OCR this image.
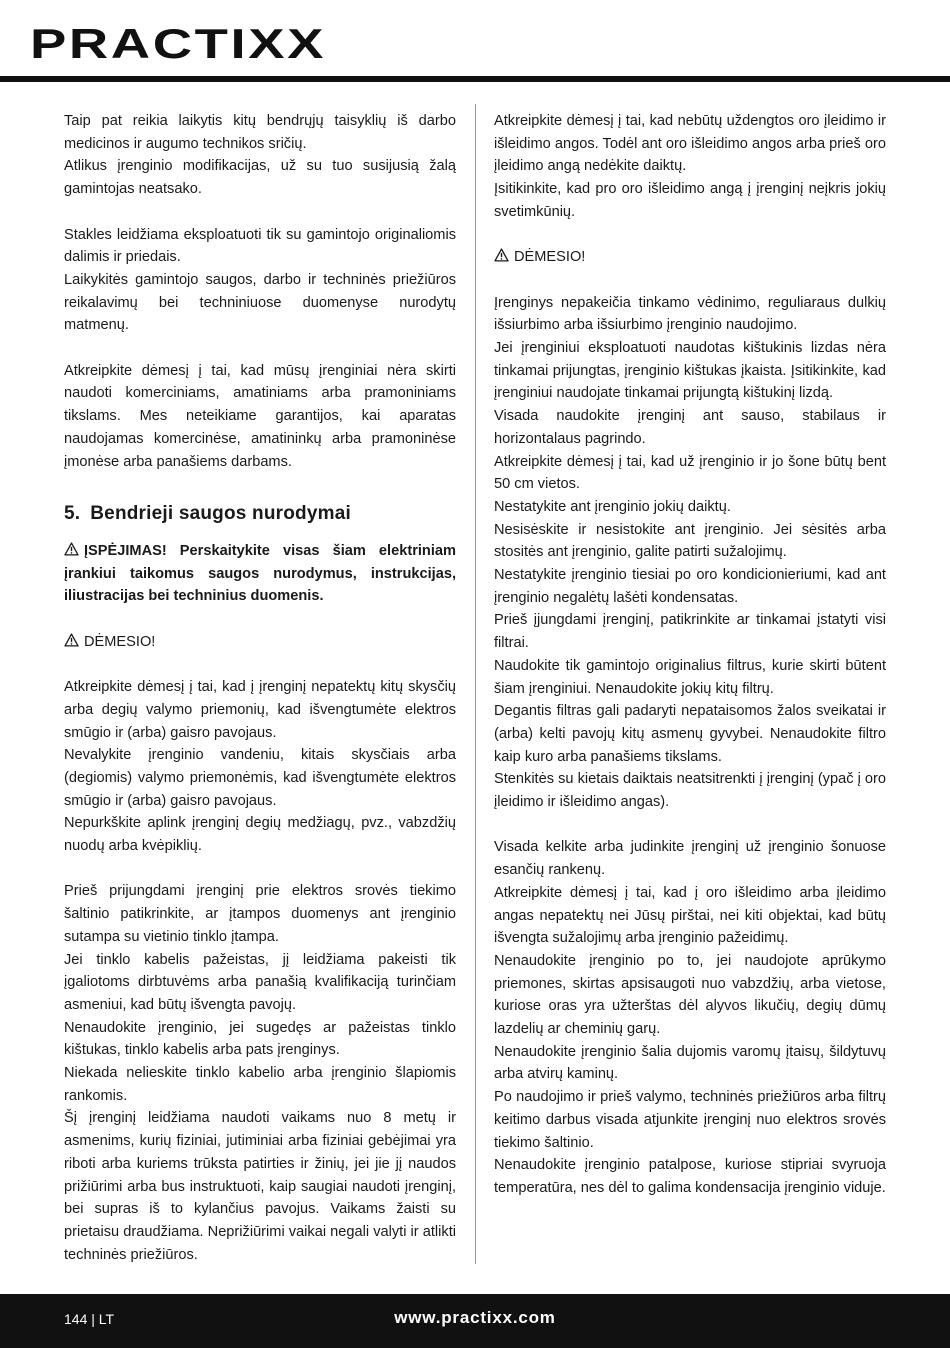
PRACTIXX

Taip pat reikia laikytis kitų bendrųjų taisyklių iš darbo medicinos ir augumo technikos sričių.

Atlikus įrenginio modifikacijas, už su tuo susijusią žalą gamintojas neatsako.

Stakles leidžiama eksploatuoti tik su gamintojo originaliomis dalimis ir priedais.

Laikykitės gamintojo saugos, darbo ir techninės priežiūros reikalavimų bei techniniuose duomenyse nurodytų matmenų.

Atkreipkite dėmesį į tai, kad mūsų įrenginiai nėra skirti naudoti komerciniams, amatiniams arba pramoniniams tikslams. Mes neteikiame garantijos, kai aparatas naudojamas komercinėse, amatininkų arba pramoninėse įmonėse arba panašiems darbams.

5. Bendrieji saugos nurodymai

ĮSPĖJIMAS! Perskaitykite visas šiam elektriniam įrankiui taikomus saugos nurodymus, instrukcijas, iliustracijas bei techninius duomenis.

DĖMESIO!

Atkreipkite dėmesį į tai, kad į įrenginį nepatektų kitų skysčių arba degių valymo priemonių, kad išvengtumėte elektros smūgio ir (arba) gaisro pavojaus.

Nevalykite įrenginio vandeniu, kitais skysčiais arba (degiomis) valymo priemonėmis, kad išvengtumėte elektros smūgio ir (arba) gaisro pavojaus.

Nepurkškite aplink įrenginį degių medžiagų, pvz., vabzdžių nuodų arba kvėpiklių.

Prieš prijungdami įrenginį prie elektros srovės tiekimo šaltinio patikrinkite, ar įtampos duomenys ant įrenginio sutampa su vietinio tinklo įtampa.

Jei tinklo kabelis pažeistas, jį leidžiama pakeisti tik įgaliotoms dirbtuvėms arba panašią kvalifikaciją turinčiam asmeniui, kad būtų išvengta pavojų.

Nenaudokite įrenginio, jei sugedęs ar pažeistas tinklo kištukas, tinklo kabelis arba pats įrenginys.

Niekada nelieskite tinklo kabelio arba įrenginio šlapiomis rankomis.

Šį įrenginį leidžiama naudoti vaikams nuo 8 metų ir asmenims, kurių fiziniai, jutiminiai arba fiziniai gebėjimai yra riboti arba kuriems trūksta patirties ir žinių, jei jie jį naudos prižiūrimi arba bus instruktuoti, kaip saugiai naudoti įrenginį, bei supras iš to kylančius pavojus. Vaikams žaisti su prietaisu draudžiama. Neprižiūrimi vaikai negali valyti ir atlikti techninės priežiūros.

Atkreipkite dėmesį į tai, kad nebūtų uždengtos oro įleidimo ir išleidimo angos. Todėl ant oro išleidimo angos arba prieš oro įleidimo angą nedėkite daiktų.

Įsitikinkite, kad pro oro išleidimo angą į įrenginį neįkris jokių svetimkūnių.

DĖMESIO!

Įrenginys nepakeičia tinkamo vėdinimo, reguliaraus dulkių išsiurbimo arba išsiurbimo įrenginio naudojimo.

Jei įrenginiui eksploatuoti naudotas kištukinis lizdas nėra tinkamai prijungtas, įrenginio kištukas įkaista. Įsitikinkite, kad įrenginiui naudojate tinkamai prijungtą kištukinį lizdą.

Visada naudokite įrenginį ant sauso, stabilaus ir horizontalaus pagrindo.

Atkreipkite dėmesį į tai, kad už įrenginio ir jo šone būtų bent 50 cm vietos.

Nestatykite ant įrenginio jokių daiktų.

Nesisėskite ir nesistokite ant įrenginio. Jei sėsitės arba stositės ant įrenginio, galite patirti sužalojimų.

Nestatykite įrenginio tiesiai po oro kondicionieriumi, kad ant įrenginio negalėtų lašėti kondensatas.

Prieš įjungdami įrenginį, patikrinkite ar tinkamai įstatyti visi filtrai.

Naudokite tik gamintojo originalius filtrus, kurie skirti būtent šiam įrenginiui. Nenaudokite jokių kitų filtrų.

Degantis filtras gali padaryti nepataisomos žalos sveikatai ir (arba) kelti pavojų kitų asmenų gyvybei. Nenaudokite filtro kaip kuro arba panašiems tikslams.

Stenkitės su kietais daiktais neatsitrenkti į įrenginį (ypač į oro įleidimo ir išleidimo angas).

Visada kelkite arba judinkite įrenginį už įrenginio šonuose esančių rankenų.

Atkreipkite dėmesį į tai, kad į oro išleidimo arba įleidimo angas nepatektų nei Jūsų pirštai, nei kiti objektai, kad būtų išvengta sužalojimų arba įrenginio pažeidimų.

Nenaudokite įrenginio po to, jei naudojote aprūkymo priemones, skirtas apsisaugoti nuo vabzdžių, arba vietose, kuriose oras yra užterštas dėl alyvos likučių, degių dūmų lazdelių ar cheminių garų.

Nenaudokite įrenginio šalia dujomis varomų įtaisų, šildytuvų arba atvirų kaminų.

Po naudojimo ir prieš valymo, techninės priežiūros arba filtrų keitimo darbus visada atjunkite įrenginį nuo elektros srovės tiekimo šaltinio.

Nenaudokite įrenginio patalpose, kuriose stipriai svyruoja temperatūra, nes dėl to galima kondensacija įrenginio viduje.

144 | LT	www.practixx.com
